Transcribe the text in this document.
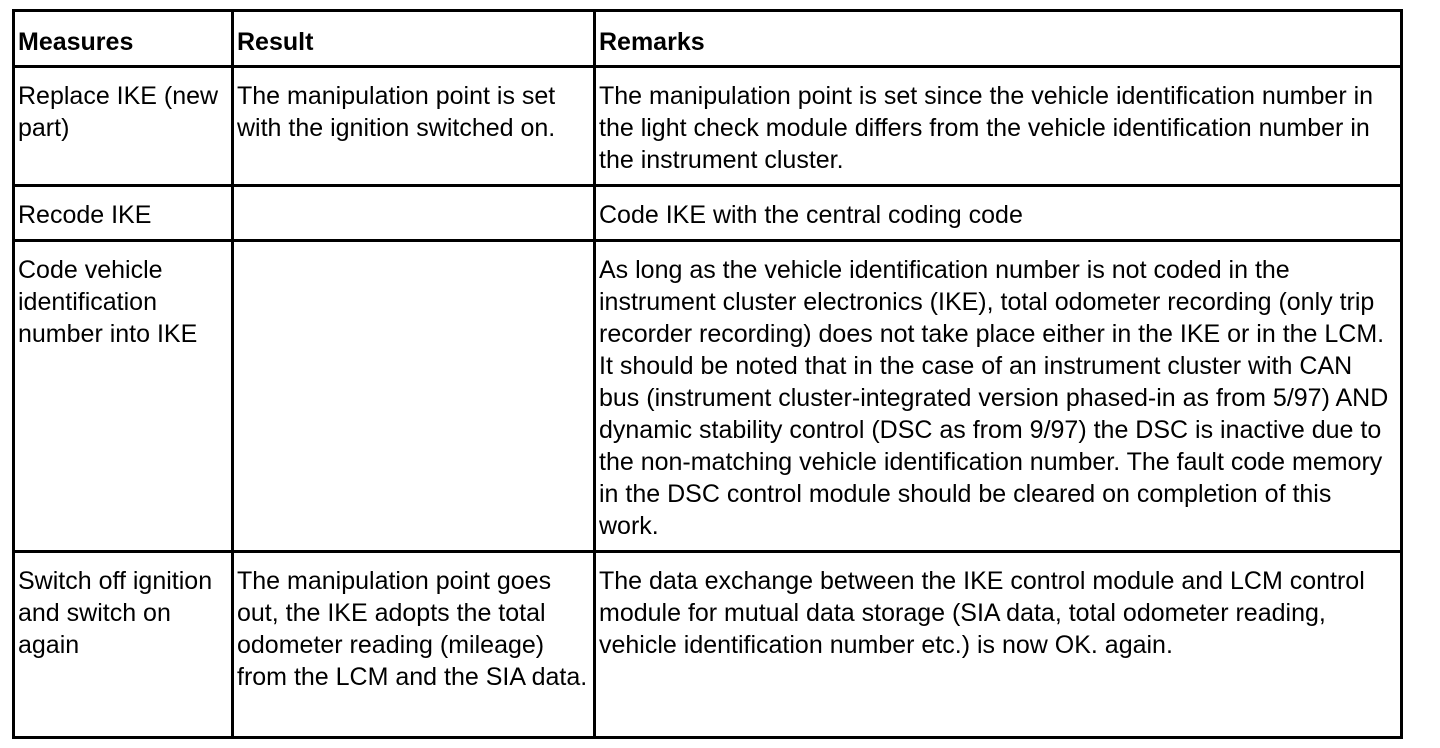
Measures	Result	Remarks
Replace IKE (new part)	The manipulation point is set with the ignition switched on.	The manipulation point is set since the vehicle identification number in the light check module differs from the vehicle identification number in the instrument cluster.
Recode IKE		Code IKE with the central coding code
Code vehicle identification number into IKE		As long as the vehicle identification number is not coded in the instrument cluster electronics (IKE), total odometer recording (only trip recorder recording) does not take place either in the IKE or in the LCM. It should be noted that in the case of an instrument cluster with CAN bus (instrument cluster-integrated version phased-in as from 5/97) AND dynamic stability control (DSC as from 9/97) the DSC is inactive due to the non-matching vehicle identification number. The fault code memory in the DSC control module should be cleared on completion of this work.
Switch off ignition and switch on again	The manipulation point goes out, the IKE adopts the total odometer reading (mileage) from the LCM and the SIA data.	The data exchange between the IKE control module and LCM control module for mutual data storage (SIA data, total odometer reading, vehicle identification number etc.) is now OK. again.
